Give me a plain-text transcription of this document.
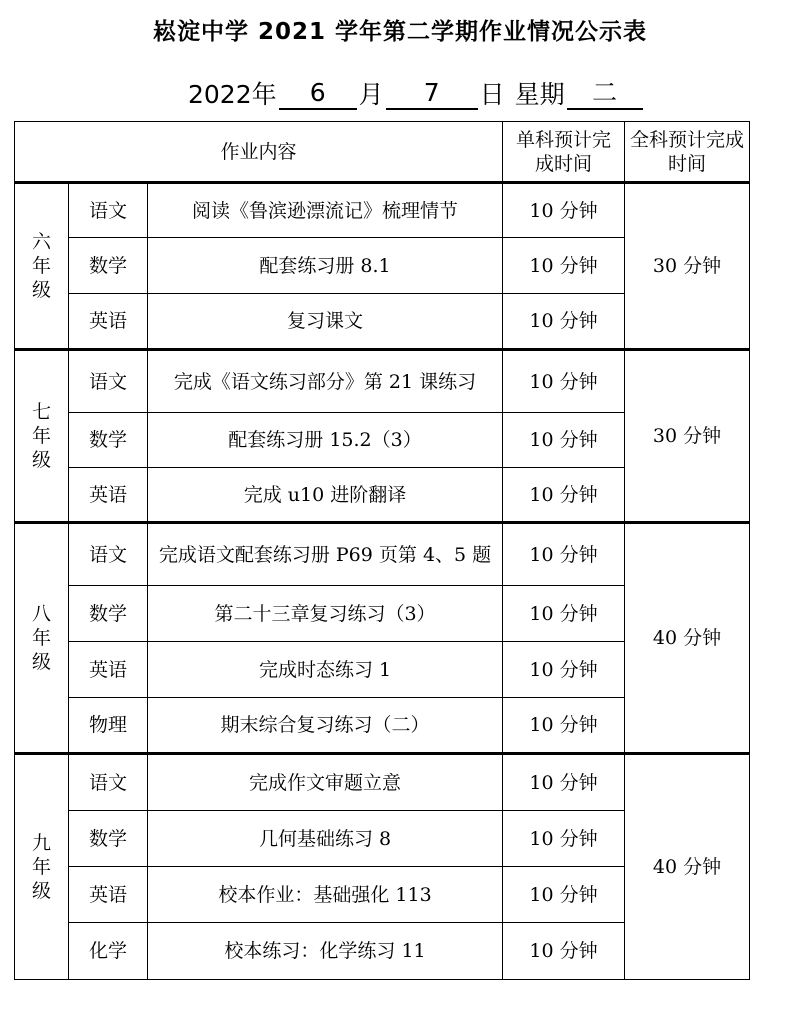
崧淀中学 2021 学年第二学期作业情况公示表
2022 年	6	月	7	日 星期	二
作业内容			单科预计完成时间	全科预计完成时间
六
年
级	语文	阅读《鲁滨逊漂流记》梳理情节	10 分钟	30 分钟
	数学	配套练习册 8.1	10 分钟	
	英语	复习课文	10 分钟	
七
年
级	语文	完成《语文练习部分》第 21 课练习	10 分钟	30 分钟
	数学	配套练习册 15.2（3）	10 分钟	
	英语	完成 u10 进阶翻译	10 分钟	
八
年
级	语文	完成语文配套练习册 P69 页第 4、5 题	10 分钟	40 分钟
	数学	第二十三章复习练习（3）	10 分钟	
	英语	完成时态练习 1	10 分钟	
	物理	期末综合复习练习（二）	10 分钟	
九
年
级	语文	完成作文审题立意	10 分钟	40 分钟
	数学	几何基础练习 8	10 分钟	
	英语	校本作业：基础强化 113	10 分钟	
	化学	校本练习：化学练习 11	10 分钟	
